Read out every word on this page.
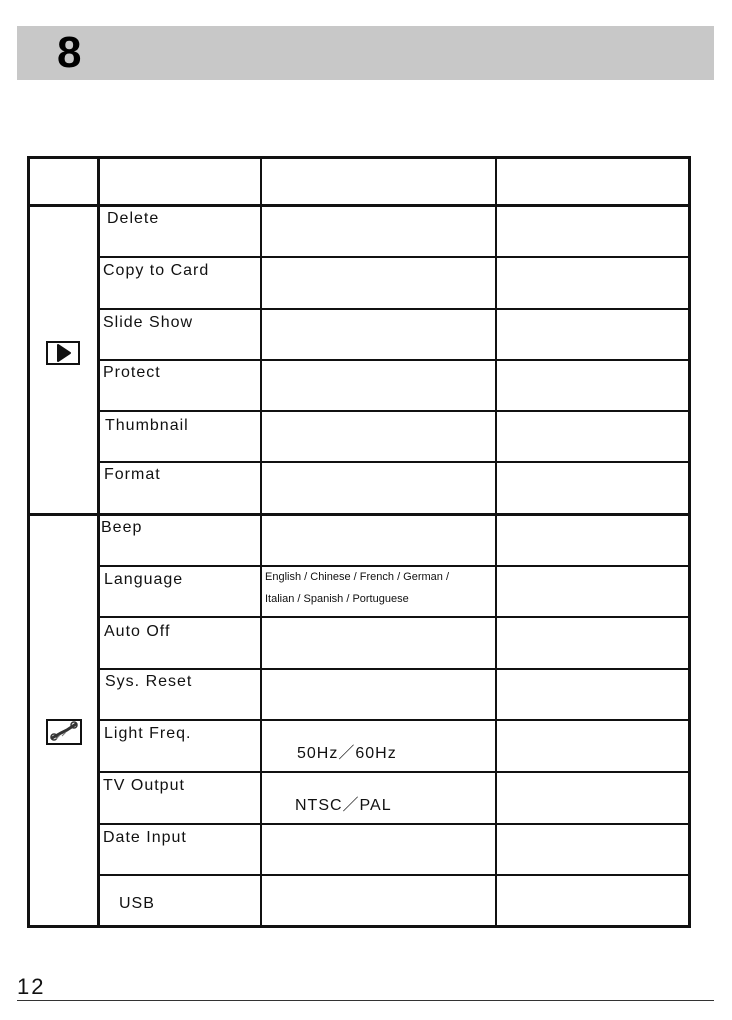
8
Delete
Copy to Card
Slide Show
Protect
Thumbnail
Format
Beep
Language	English / Chinese / French / German /
Italian / Spanish / Portuguese
Auto Off
Sys. Reset
Light Freq.
50Hz／60Hz
TV Output
NTSC／PAL
Date Input
USB
12
